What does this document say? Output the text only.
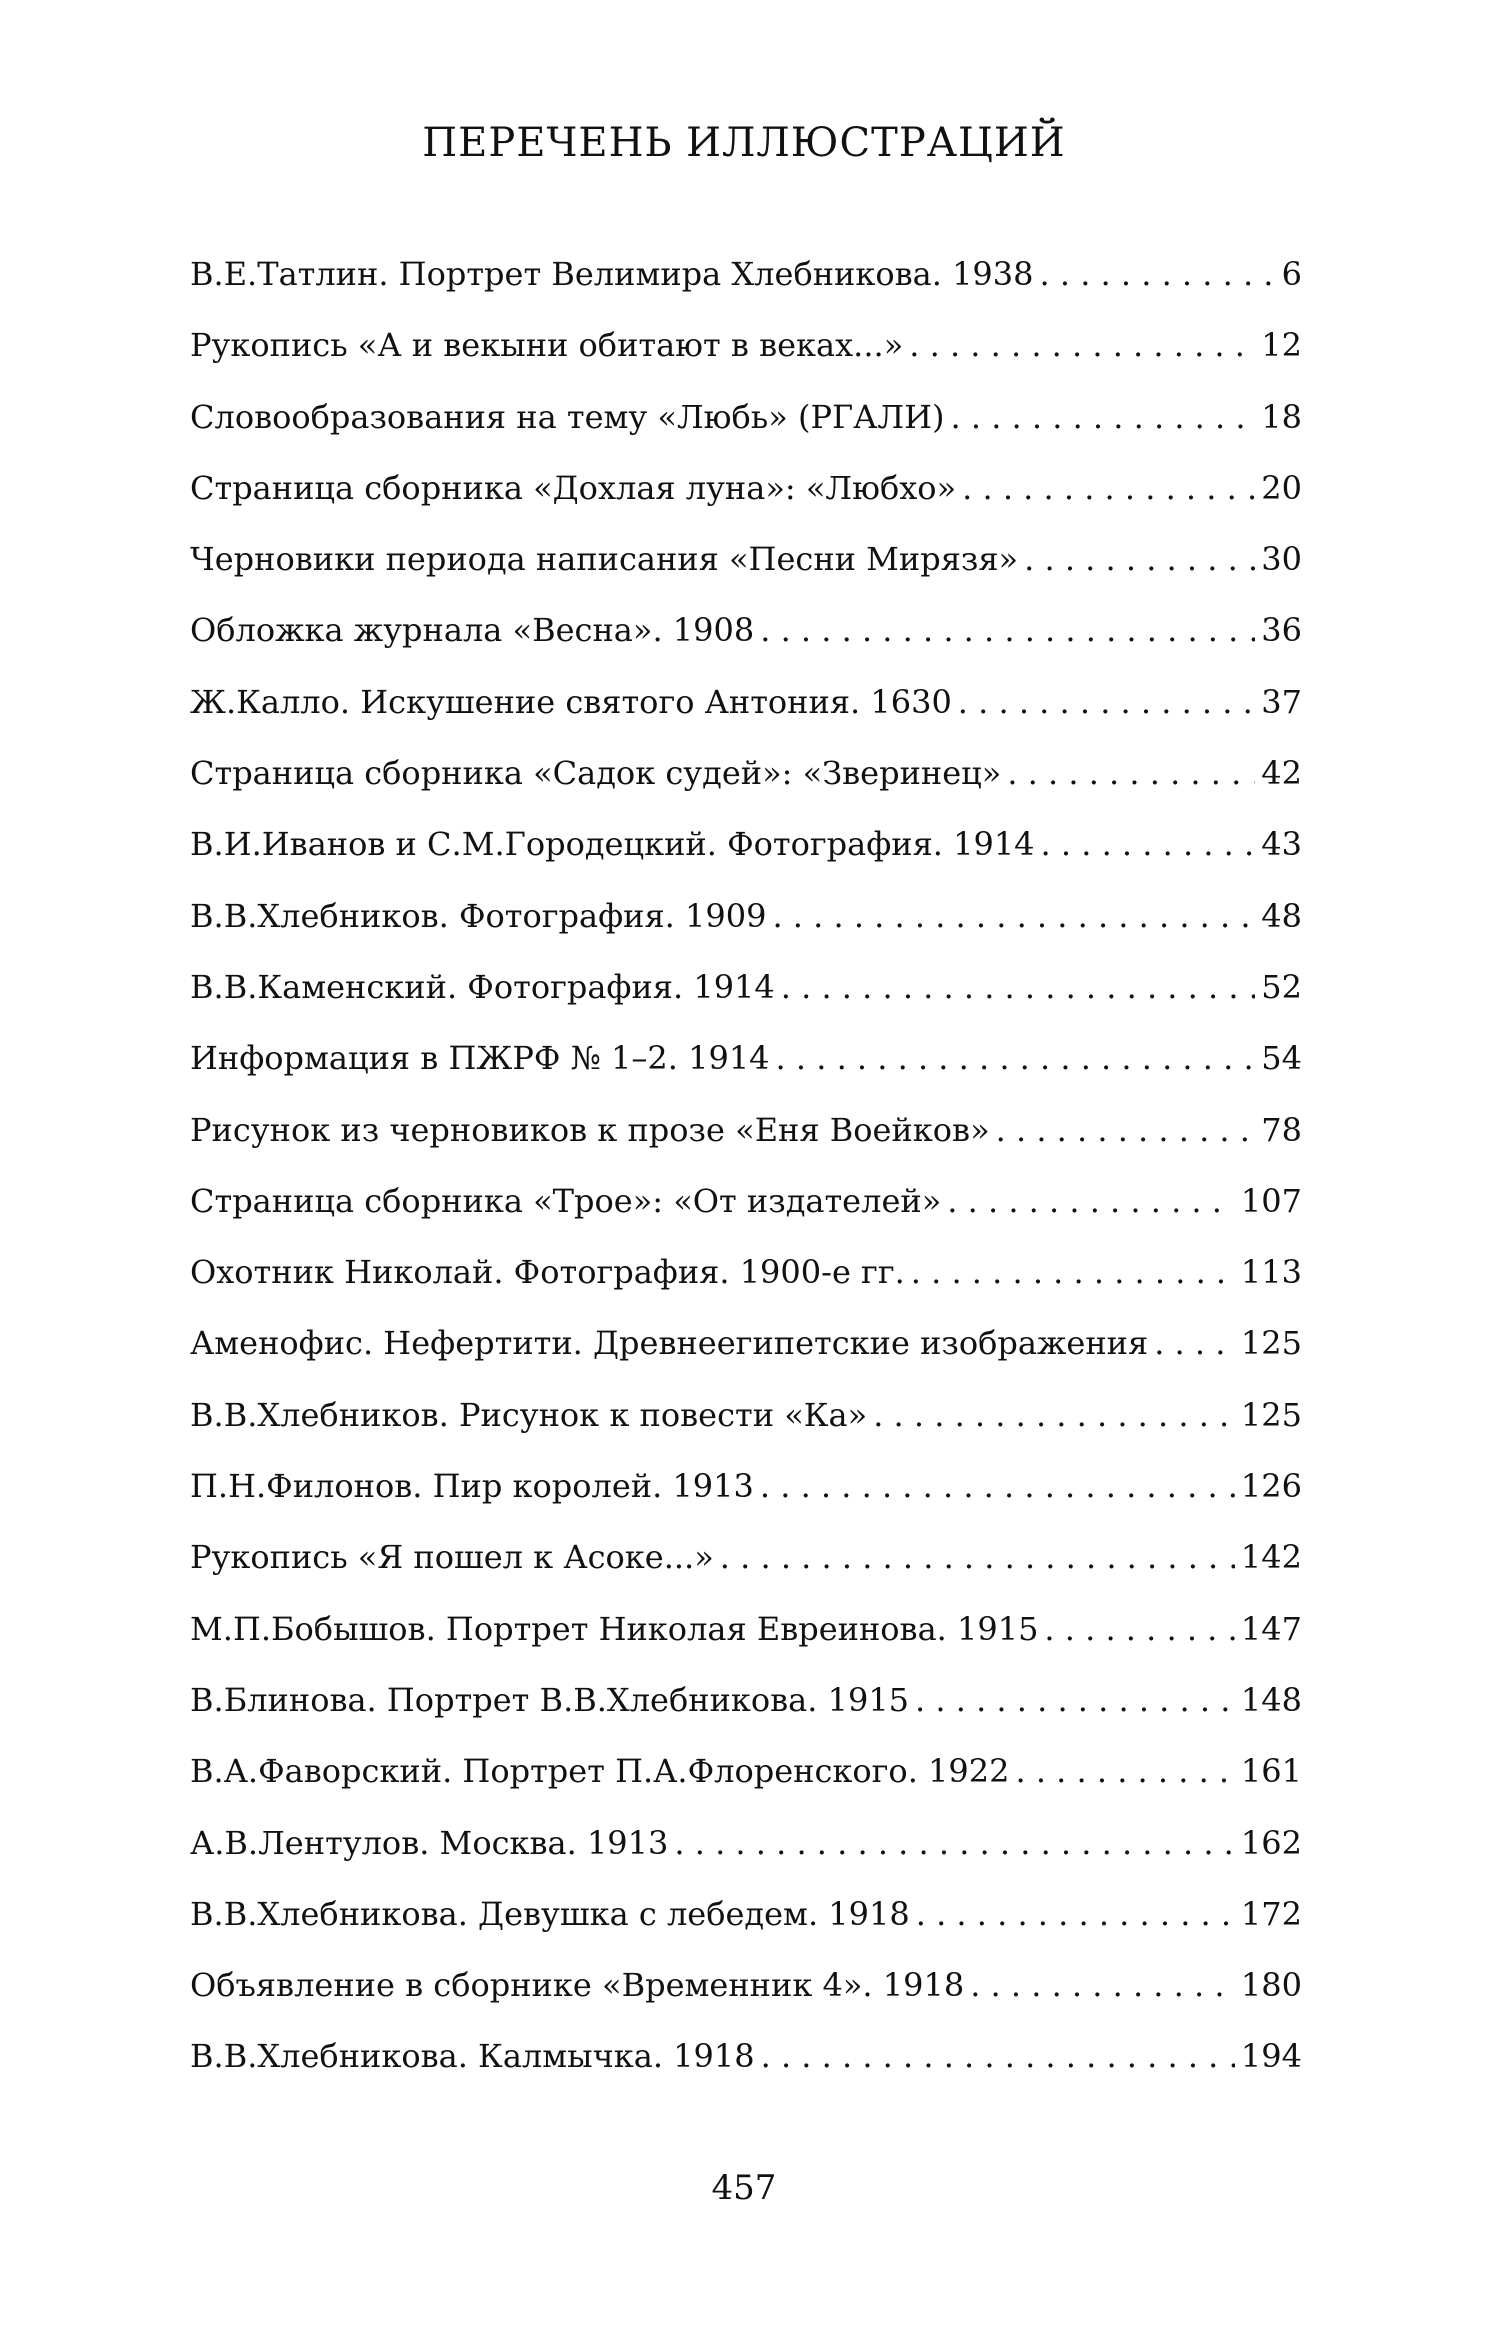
ПЕРЕЧЕНЬ ИЛЛЮСТРАЦИЙ
В.Е.Татлин. Портрет Велимира Хлебникова. 1938 . . .	6
Рукопись «А и векыни обитают в веках...» . . .	12
Словообразования на тему «Любь» (РГАЛИ) . . .	18
Страница сборника «Дохлая луна»: «Любхо» . . .	20
Черновики периода написания «Песни Мирязя» . . .	30
Обложка журнала «Весна». 1908 . . .	36
Ж.Калло. Искушение святого Антония. 1630 . . .	37
Страница сборника «Садок судей»: «Зверинец» . . .	42
В.И.Иванов и С.М.Городецкий. Фотография. 1914 . . .	43
В.В.Хлебников. Фотография. 1909 . . .	48
В.В.Каменский. Фотография. 1914 . . .	52
Информация в ПЖРФ № 1–2. 1914 . . .	54
Рисунок из черновиков к прозе «Еня Воейков» . . .	78
Страница сборника «Трое»: «От издателей» . . .	107
Охотник Николай. Фотография. 1900-е гг. . . .	113
Аменофис. Нефертити. Древнеегипетские изображения . . .	125
В.В.Хлебников. Рисунок к повести «Ка» . . .	125
П.Н.Филонов. Пир королей. 1913 . . .	126
Рукопись «Я пошел к Асоке...» . . .	142
М.П.Бобышов. Портрет Николая Евреинова. 1915 . . .	147
В.Блинова. Портрет В.В.Хлебникова. 1915 . . .	148
В.А.Фаворский. Портрет П.А.Флоренского. 1922 . . .	161
А.В.Лентулов. Москва. 1913 . . .	162
В.В.Хлебникова. Девушка с лебедем. 1918 . . .	172
Объявление в сборнике «Временник 4». 1918 . . .	180
В.В.Хлебникова. Калмычка. 1918 . . .	194
457
